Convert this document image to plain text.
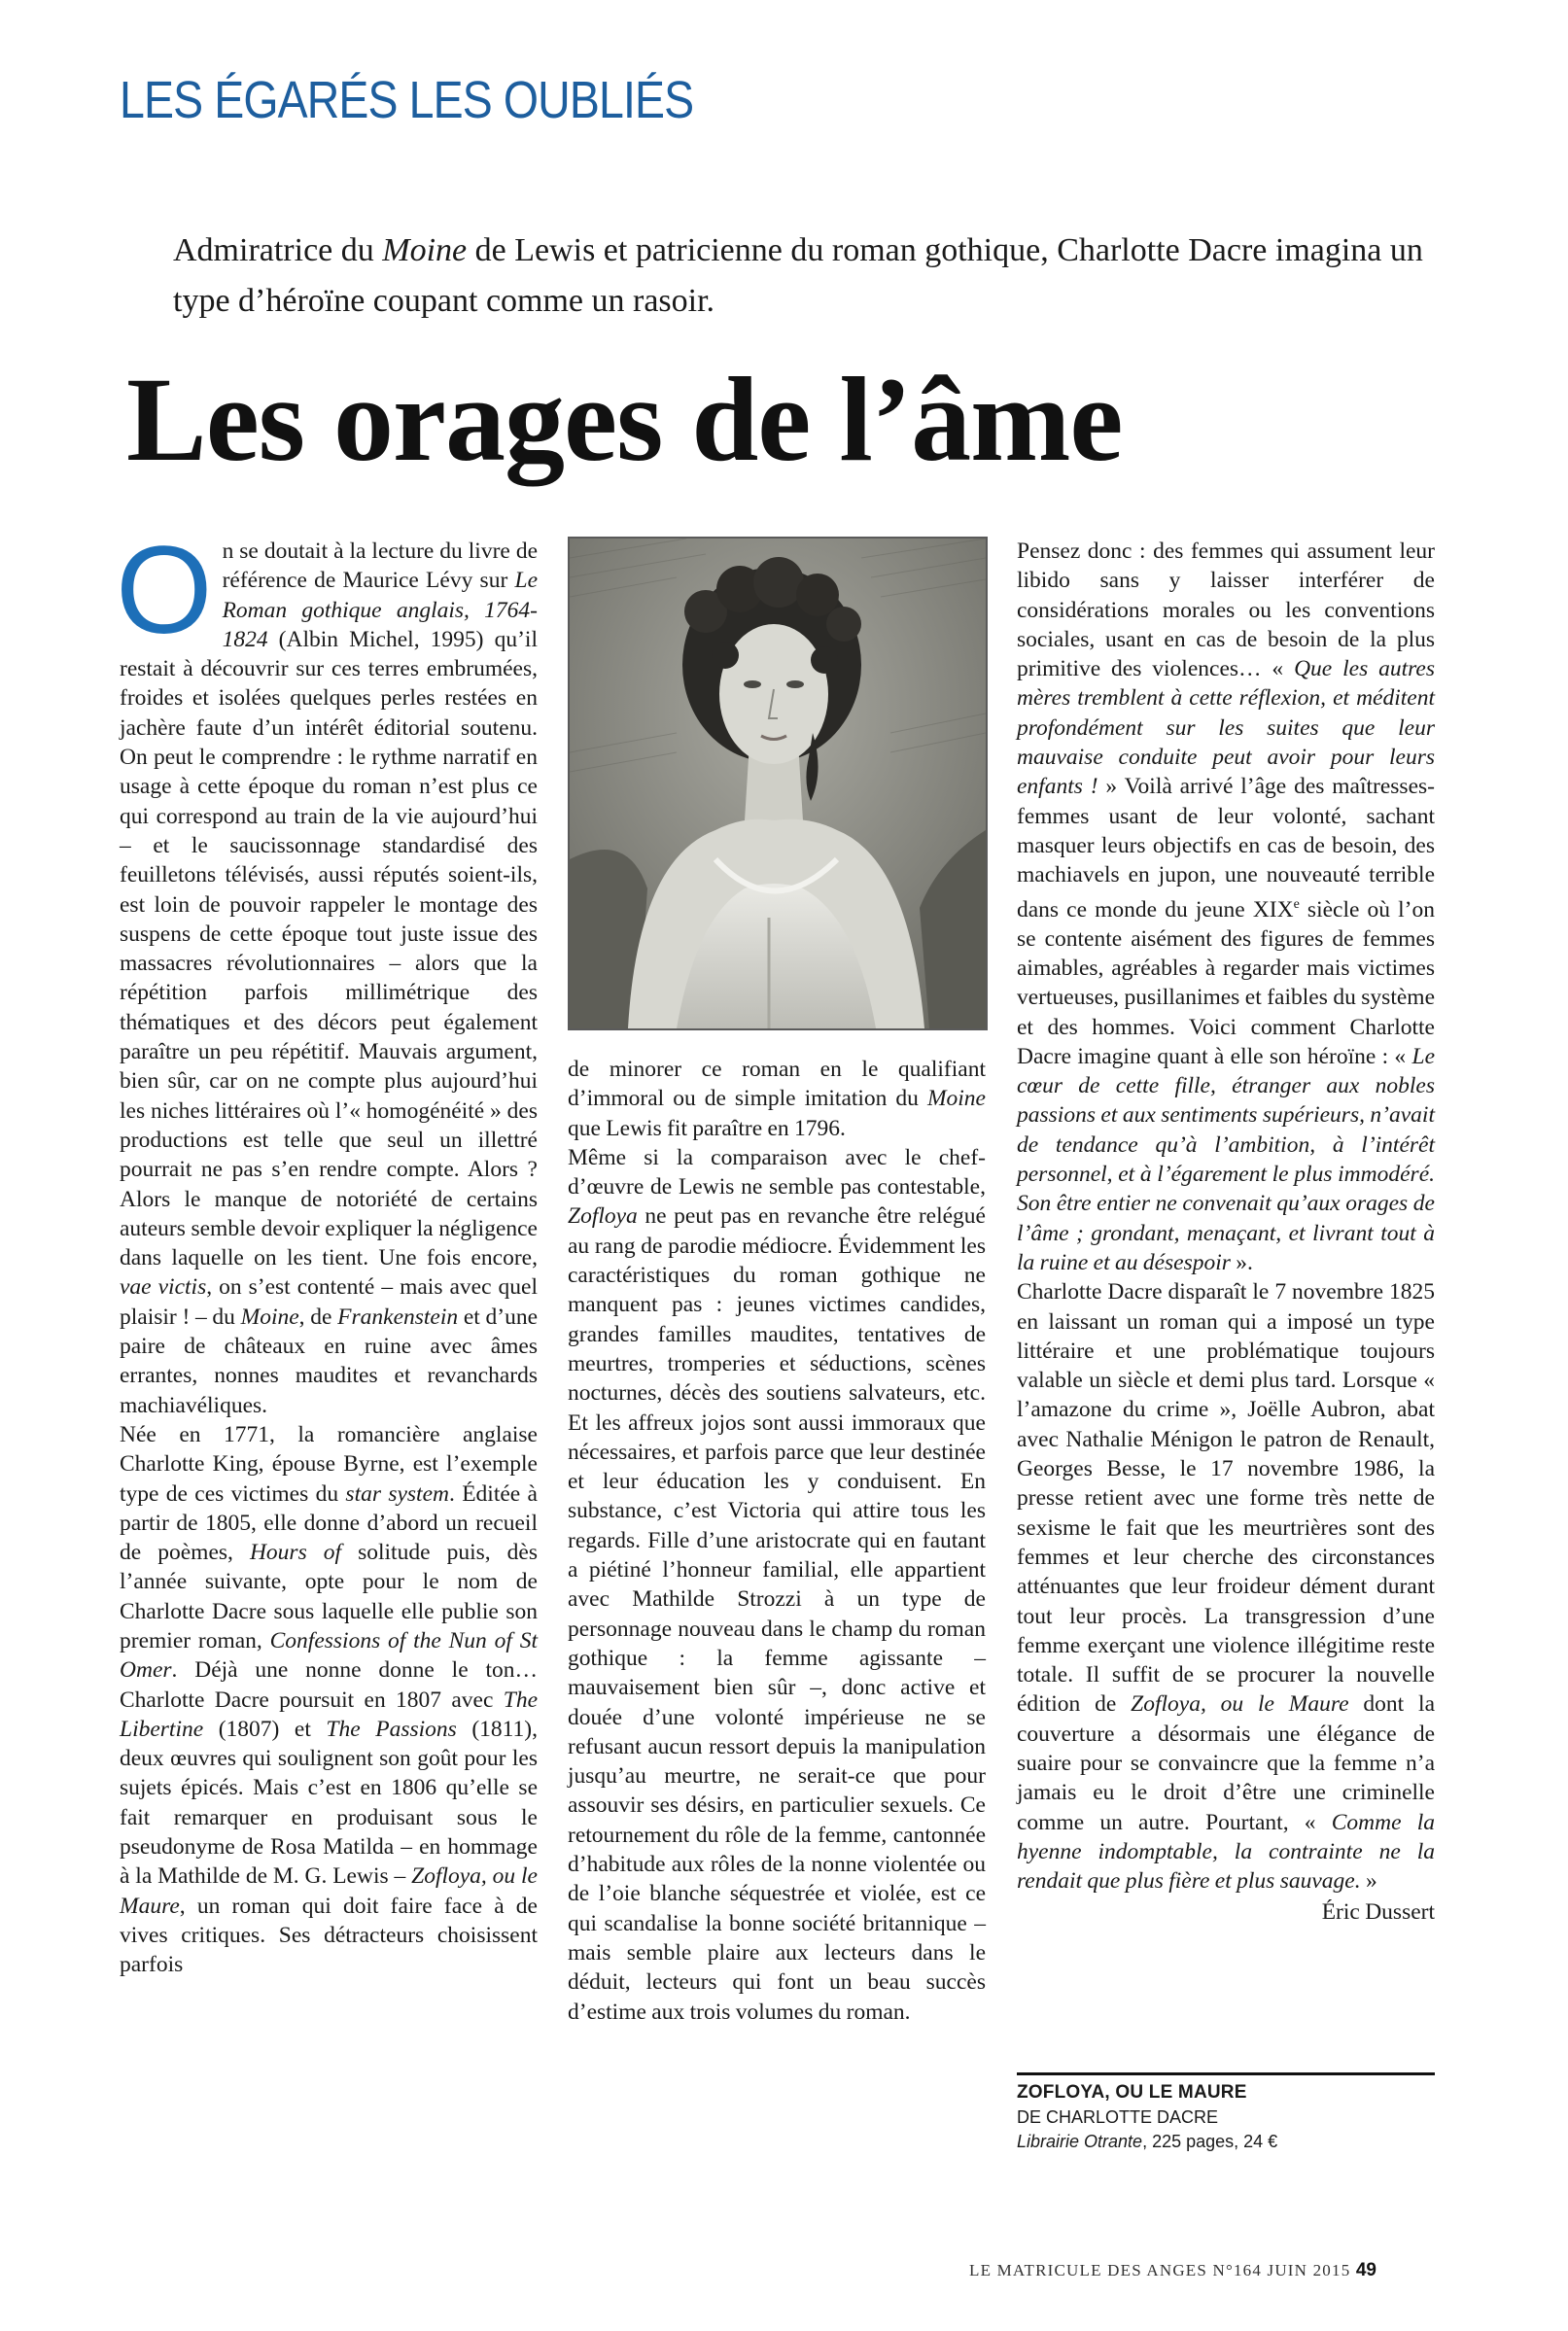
LES ÉGARÉS LES OUBLIÉS
Admiratrice du Moine de Lewis et patricienne du roman gothique, Charlotte Dacre imagina un type d’héroïne coupant comme un rasoir.
Les orages de l’âme

On se doutait à la lecture du livre de référence de Maurice Lévy sur Le Roman gothique anglais, 1764-1824 (Albin Michel, 1995) qu’il restait à découvrir sur ces terres embrumées, froides et isolées quelques perles restées en jachère faute d’un intérêt éditorial soutenu. On peut le comprendre : le rythme narratif en usage à cette époque du roman n’est plus ce qui correspond au train de la vie aujourd’hui – et le saucissonnage standardisé des feuilletons télévisés, aussi réputés soient-ils, est loin de pouvoir rappeler le montage des suspens de cette époque tout juste issue des massacres révolutionnaires – alors que la répétition parfois millimétrique des thématiques et des décors peut également paraître un peu répétitif. Mauvais argument, bien sûr, car on ne compte plus aujourd’hui les niches littéraires où l’« homogénéité » des productions est telle que seul un illettré pourrait ne pas s’en rendre compte. Alors ? Alors le manque de notoriété de certains auteurs semble devoir expliquer la négligence dans laquelle on les tient. Une fois encore, vae victis, on s’est contenté – mais avec quel plaisir ! – du Moine, de Frankenstein et d’une paire de châteaux en ruine avec âmes errantes, nonnes maudites et revanchards machiavéliques.

Née en 1771, la romancière anglaise Charlotte King, épouse Byrne, est l’exemple type de ces victimes du star system. Éditée à partir de 1805, elle donne d’abord un recueil de poèmes, Hours of solitude puis, dès l’année suivante, opte pour le nom de Charlotte Dacre sous laquelle elle publie son premier roman, Confessions of the Nun of St Omer. Déjà une nonne donne le ton… Charlotte Dacre poursuit en 1807 avec The Libertine (1807) et The Passions (1811), deux œuvres qui soulignent son goût pour les sujets épicés. Mais c’est en 1806 qu’elle se fait remarquer en produisant sous le pseudonyme de Rosa Matilda – en hommage à la Mathilde de M. G. Lewis – Zofloya, ou le Maure, un roman qui doit faire face à de vives critiques. Ses détracteurs choisissent parfois

de minorer ce roman en le qualifiant d’immoral ou de simple imitation du Moine que Lewis fit paraître en 1796.

Même si la comparaison avec le chef-d’œuvre de Lewis ne semble pas contestable, Zofloya ne peut pas en revanche être relégué au rang de parodie médiocre. Évidemment les caractéristiques du roman gothique ne manquent pas : jeunes victimes candides, grandes familles maudites, tentatives de meurtres, tromperies et séductions, scènes nocturnes, décès des soutiens salvateurs, etc. Et les affreux jojos sont aussi immoraux que nécessaires, et parfois parce que leur destinée et leur éducation les y conduisent. En substance, c’est Victoria qui attire tous les regards. Fille d’une aristocrate qui en fautant a piétiné l’honneur familial, elle appartient avec Mathilde Strozzi à un type de personnage nouveau dans le champ du roman gothique : la femme agissante – mauvaisement bien sûr –, donc active et douée d’une volonté impérieuse ne se refusant aucun ressort depuis la manipulation jusqu’au meurtre, ne serait-ce que pour assouvir ses désirs, en particulier sexuels. Ce retournement du rôle de la femme, cantonnée d’habitude aux rôles de la nonne violentée ou de l’oie blanche séquestrée et violée, est ce qui scandalise la bonne société britannique – mais semble plaire aux lecteurs dans le déduit, lecteurs qui font un beau succès d’estime aux trois volumes du roman.

Pensez donc : des femmes qui assument leur libido sans y laisser interférer de considérations morales ou les conventions sociales, usant en cas de besoin de la plus primitive des violences… « Que les autres mères tremblent à cette réflexion, et méditent profondément sur les suites que leur mauvaise conduite peut avoir pour leurs enfants ! » Voilà arrivé l’âge des maîtresses-femmes usant de leur volonté, sachant masquer leurs objectifs en cas de besoin, des machiavels en jupon, une nouveauté terrible dans ce monde du jeune XIXe siècle où l’on se contente aisément des figures de femmes aimables, agréables à regarder mais victimes vertueuses, pusillanimes et faibles du système et des hommes. Voici comment Charlotte Dacre imagine quant à elle son héroïne : « Le cœur de cette fille, étranger aux nobles passions et aux sentiments supérieurs, n’avait de tendance qu’à l’ambition, à l’intérêt personnel, et à l’égarement le plus immodéré. Son être entier ne convenait qu’aux orages de l’âme ; grondant, menaçant, et livrant tout à la ruine et au désespoir ».

Charlotte Dacre disparaît le 7 novembre 1825 en laissant un roman qui a imposé un type littéraire et une problématique toujours valable un siècle et demi plus tard. Lorsque « l’amazone du crime », Joëlle Aubron, abat avec Nathalie Ménigon le patron de Renault, Georges Besse, le 17 novembre 1986, la presse retient avec une forme très nette de sexisme le fait que les meurtrières sont des femmes et leur cherche des circonstances atténuantes que leur froideur dément durant tout leur procès. La transgression d’une femme exerçant une violence illégitime reste totale. Il suffit de se procurer la nouvelle édition de Zofloya, ou le Maure dont la couverture a désormais une élégance de suaire pour se convaincre que la femme n’a jamais eu le droit d’être une criminelle comme un autre. Pourtant, « Comme la hyenne indomptable, la contrainte ne la rendait que plus fière et plus sauvage. »

Éric Dussert

ZOFLOYA, OU LE MAURE
DE CHARLOTTE DACRE
Librairie Otrante, 225 pages, 24 €
LE MATRICULE DES ANGES N°164 JUIN 2015 49
